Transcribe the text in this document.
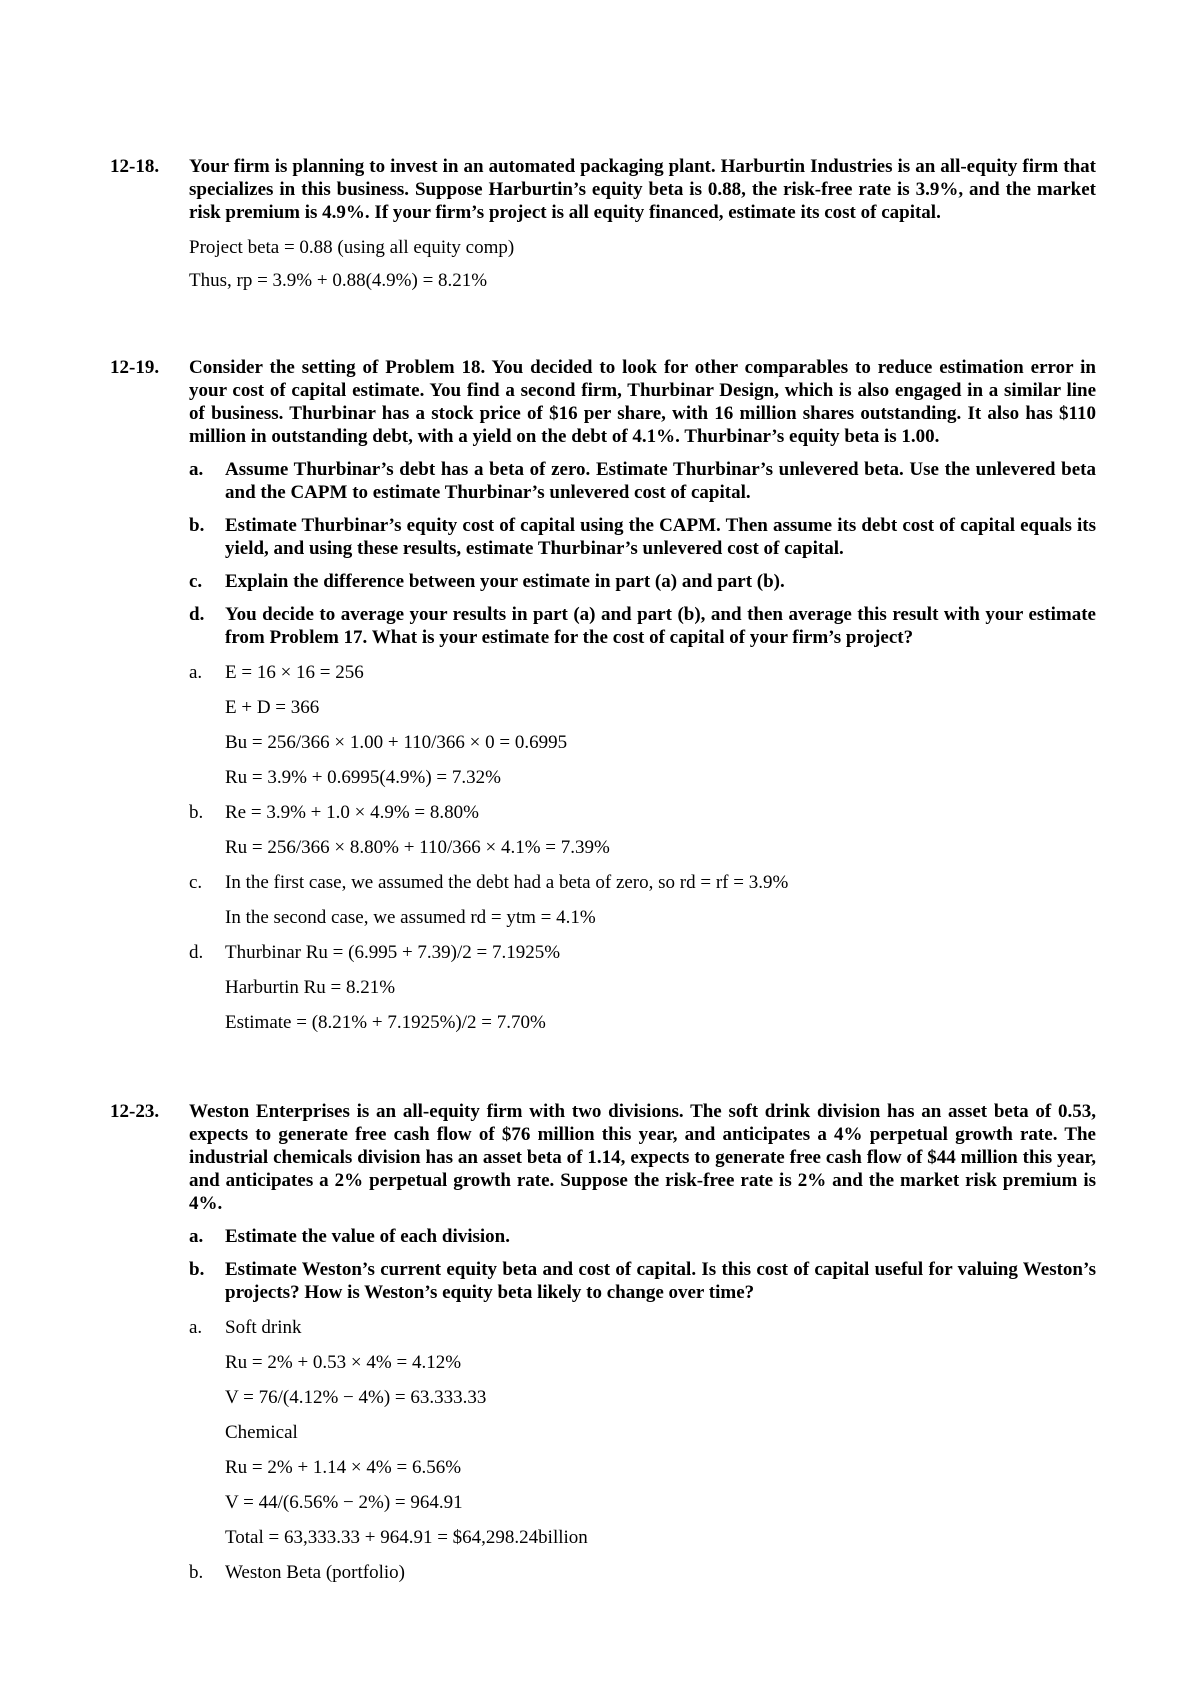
12-18. Your firm is planning to invest in an automated packaging plant. Harburtin Industries is an all-equity firm that specializes in this business. Suppose Harburtin’s equity beta is 0.88, the risk-free rate is 3.9%, and the market risk premium is 4.9%. If your firm’s project is all equity financed, estimate its cost of capital.
Project beta = 0.88 (using all equity comp)
Thus, rp = 3.9% + 0.88(4.9%) = 8.21%
12-19. Consider the setting of Problem 18. You decided to look for other comparables to reduce estimation error in your cost of capital estimate. You find a second firm, Thurbinar Design, which is also engaged in a similar line of business. Thurbinar has a stock price of $16 per share, with 16 million shares outstanding. It also has $110 million in outstanding debt, with a yield on the debt of 4.1%. Thurbinar’s equity beta is 1.00.
a. Assume Thurbinar’s debt has a beta of zero. Estimate Thurbinar’s unlevered beta. Use the unlevered beta and the CAPM to estimate Thurbinar’s unlevered cost of capital.
b. Estimate Thurbinar’s equity cost of capital using the CAPM. Then assume its debt cost of capital equals its yield, and using these results, estimate Thurbinar’s unlevered cost of capital.
c. Explain the difference between your estimate in part (a) and part (b).
d. You decide to average your results in part (a) and part (b), and then average this result with your estimate from Problem 17. What is your estimate for the cost of capital of your firm’s project?
a. E = 16 × 16 = 256
E + D = 366
Bu = 256/366 × 1.00 + 110/366 × 0 = 0.6995
Ru = 3.9% + 0.6995(4.9%) = 7.32%
b. Re = 3.9% + 1.0 × 4.9% = 8.80%
Ru = 256/366 × 8.80% + 110/366 × 4.1% = 7.39%
c. In the first case, we assumed the debt had a beta of zero, so rd = rf = 3.9%
In the second case, we assumed rd = ytm = 4.1%
d. Thurbinar Ru = (6.995 + 7.39)/2 = 7.1925%
Harburtin Ru = 8.21%
Estimate = (8.21% + 7.1925%)/2 = 7.70%
12-23. Weston Enterprises is an all-equity firm with two divisions. The soft drink division has an asset beta of 0.53, expects to generate free cash flow of $76 million this year, and anticipates a 4% perpetual growth rate. The industrial chemicals division has an asset beta of 1.14, expects to generate free cash flow of $44 million this year, and anticipates a 2% perpetual growth rate. Suppose the risk-free rate is 2% and the market risk premium is 4%.
a. Estimate the value of each division.
b. Estimate Weston’s current equity beta and cost of capital. Is this cost of capital useful for valuing Weston’s projects? How is Weston’s equity beta likely to change over time?
a. Soft drink
Ru = 2% + 0.53 × 4% = 4.12%
V = 76/(4.12% − 4%) = 63.333.33
Chemical
Ru = 2% + 1.14 × 4% = 6.56%
V = 44/(6.56% − 2%) = 964.91
Total = 63,333.33 + 964.91 = $64,298.24billion
b. Weston Beta (portfolio)
